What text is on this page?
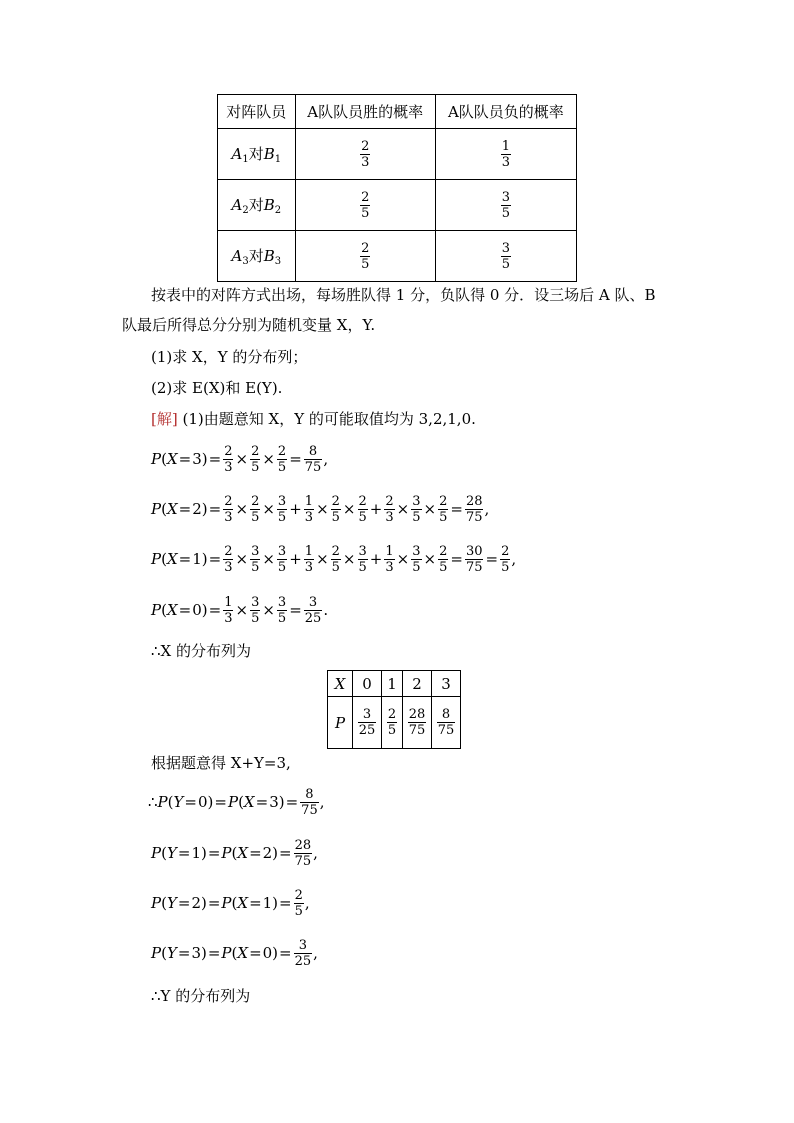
对阵队员	A队队员胜的概率	A队队员负的概率
$A_1$对$B_1$	$\frac{2}{3}$	$\frac{1}{3}$

$A_2$对$B_2$	$\frac{2}{5}$	$\frac{3}{5}$

$A_3$对$B_3$	$\frac{2}{5}$	$\frac{3}{5}$
按表中的对阵方式出场，每场胜队得 1 分，负队得 0 分．设三场后 A 队、B
队最后所得总分分别为随机变量 X，Y.
(1)求 X，Y 的分布列；
(2)求 E(X)和 E(Y).
[解] (1)由题意知 X，Y 的可能取值均为 3,2,1,0.
P ( $X = 3) = \frac{2}{3} \times \frac{2}{5} \times \frac{2}{5} = \frac{8}{75}$ ,
P ( $X = 2) = \frac{2}{3} \times \frac{2}{5} \times \frac{3}{5} + \frac{1}{3} \times \frac{2}{5} \times \frac{2}{5} + \frac{2}{3} \times \frac{3}{5} \times \frac{2}{5} = \frac{28}{75}$ ,
P ( $X = 1) = \frac{2}{3} \times \frac{3}{5} \times \frac{3}{5} + \frac{1}{3} \times \frac{2}{5} \times \frac{3}{5} + \frac{1}{3} \times \frac{3}{5} \times \frac{2}{5} = \frac{30}{75} = \frac{2}{5}$ ,
P ( $X = 0) = \frac{1}{3} \times \frac{3}{5} \times \frac{3}{5} = \frac{3}{25}$ .
∴X 的分布列为
X	0	1	2	3
P	$\frac{3}{25}$	$\frac{2}{5}$	$\frac{28}{75}$	$\frac{8}{75}$
根据题意得 X+Y=3,
∴ P ( Y = 0) = P ( $X = 3) = \frac{8}{75}$ ,
P ( Y = 1) = P ( $X = 2) = \frac{28}{75}$ ,
P ( Y = 2) = P ( $X = 1) = \frac{2}{5}$ ,
P ( Y = 3) = P ( $X = 0) = \frac{3}{25}$ ,
∴Y 的分布列为
